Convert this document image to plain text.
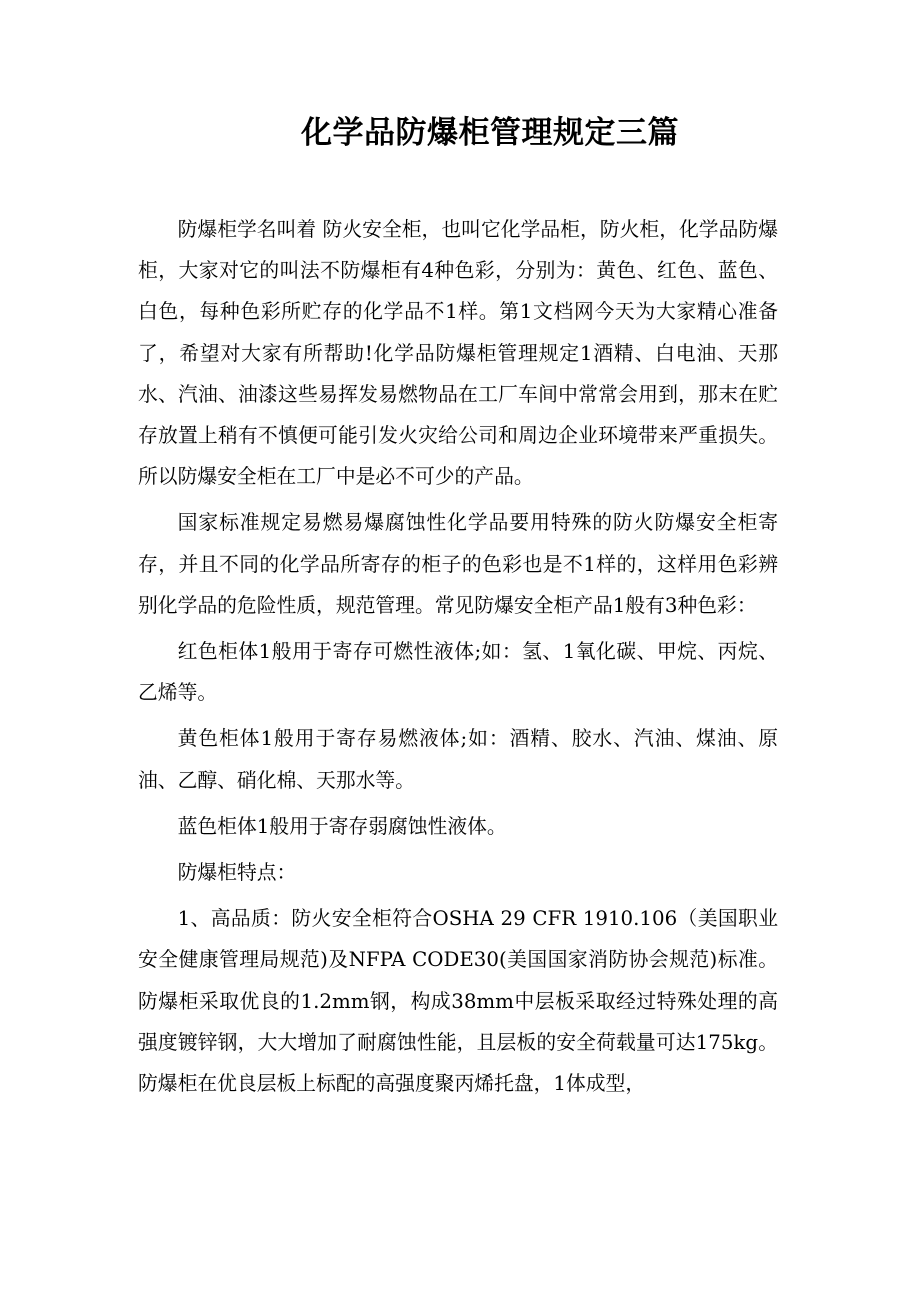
化学品防爆柜管理规定三篇

防爆柜学名叫着 防火安全柜，也叫它化学品柜，防火柜，化学品防爆柜，大家对它的叫法不防爆柜有4种色彩，分别为：黄色、红色、蓝色、白色，每种色彩所贮存的化学品不1样。第1文档网今天为大家精心准备了，希望对大家有所帮助!化学品防爆柜管理规定1酒精、白电油、天那水、汽油、油漆这些易挥发易燃物品在工厂车间中常常会用到，那末在贮存放置上稍有不慎便可能引发火灾给公司和周边企业环境带来严重损失。所以防爆安全柜在工厂中是必不可少的产品。

国家标准规定易燃易爆腐蚀性化学品要用特殊的防火防爆安全柜寄存，并且不同的化学品所寄存的柜子的色彩也是不1样的，这样用色彩辨别化学品的危险性质，规范管理。常见防爆安全柜产品1般有3种色彩：

红色柜体1般用于寄存可燃性液体;如：氢、1氧化碳、甲烷、丙烷、乙烯等。

黄色柜体1般用于寄存易燃液体;如：酒精、胶水、汽油、煤油、原油、乙醇、硝化棉、天那水等。

蓝色柜体1般用于寄存弱腐蚀性液体。

防爆柜特点：

1、高品质：防火安全柜符合OSHA 29 CFR 1910.106（美国职业安全健康管理局规范)及NFPA CODE30(美国国家消防协会规范)标准。防爆柜采取优良的1.2mm钢，构成38mm中层板采取经过特殊处理的高强度镀锌钢，大大增加了耐腐蚀性能，且层板的安全荷载量可达175kg。防爆柜在优良层板上标配的高强度聚丙烯托盘，1体成型，
